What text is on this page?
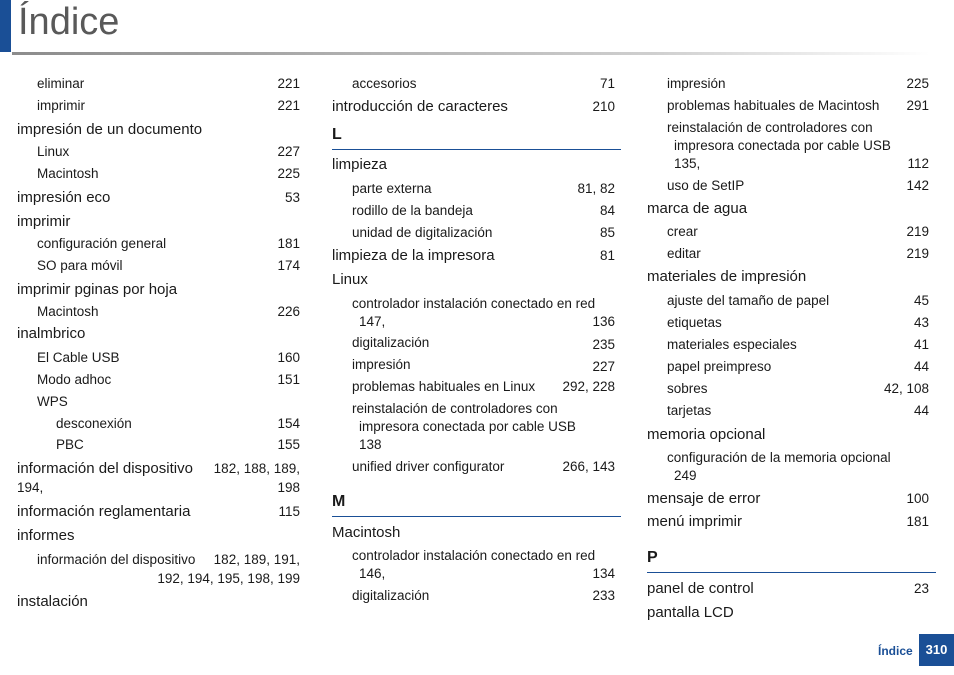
Índice
eliminar	221
imprimir	221
impresión de un documento
Linux	227
Macintosh	225
impresión eco	53
imprimir
configuración general	181
SO para móvil	174
imprimir pginas por hoja
Macintosh	226
inalmbrico
El Cable USB	160
Modo adhoc	151
WPS
desconexión	154
PBC	155
información del dispositivo 182, 188, 189,
194,	198
información reglamentaria	115
informes
información del dispositivo 182, 189, 191,
192, 194, 195, 198, 199
instalación
accesorios	71
introducción de caracteres	210
L
limpieza
parte externa	81, 82
rodillo de la bandeja	84
unidad de digitalización	85
limpieza de la impresora	81
Linux
controlador instalación conectado en red
147,	136
digitalización	235
impresión	227
problemas habituales en Linux 292, 228
reinstalación de controladores con
impresora conectada por cable USB
138
unified driver configurator	266, 143
M
Macintosh
controlador instalación conectado en red
146,	134
digitalización	233
impresión	225
problemas habituales de Macintosh 291
reinstalación de controladores con
impresora conectada por cable USB
135,	112
uso de SetIP	142
marca de agua
crear	219
editar	219
materiales de impresión
ajuste del tamaño de papel	45
etiquetas	43
materiales especiales	41
papel preimpreso	44
sobres	42, 108
tarjetas	44
memoria opcional
configuración de la memoria opcional
249
mensaje de error	100
menú imprimir	181
P
panel de control	23
pantalla LCD
Índice 310
